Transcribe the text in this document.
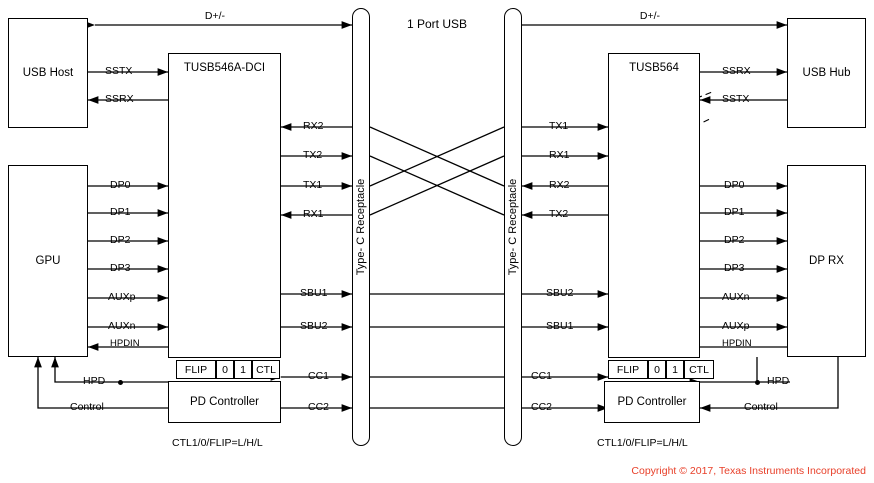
USB Host
GPU
TUSB546A-DCI
PD Controller
Type- C Receptacle	Type- C Receptacle
TUSB564
PD Controller
USB Hub
DP RX
FLIP 0 1 CTL	FLIP 0 1 CTL
1 Port USB
D+/-	D+/-
SSTX
SSRX
RX2
TX2
TX1
RX1
SBU1
SBU2
CC1
CC2
TX1
RX1
RX2
TX2
SBU2
SBU1
CC1
CC2
DP0
DP1
DP2
DP3
AUXp
AUXn
HPDIN
HPD
Control
DP0
DP1
DP2
DP3
AUXn
AUXp
HPDIN
HPD
Control
SSRX
SSTX
CTL1/0/FLIP=L/H/L	CTL1/0/FLIP=L/H/L
Copyright © 2017, Texas Instruments Incorporated
